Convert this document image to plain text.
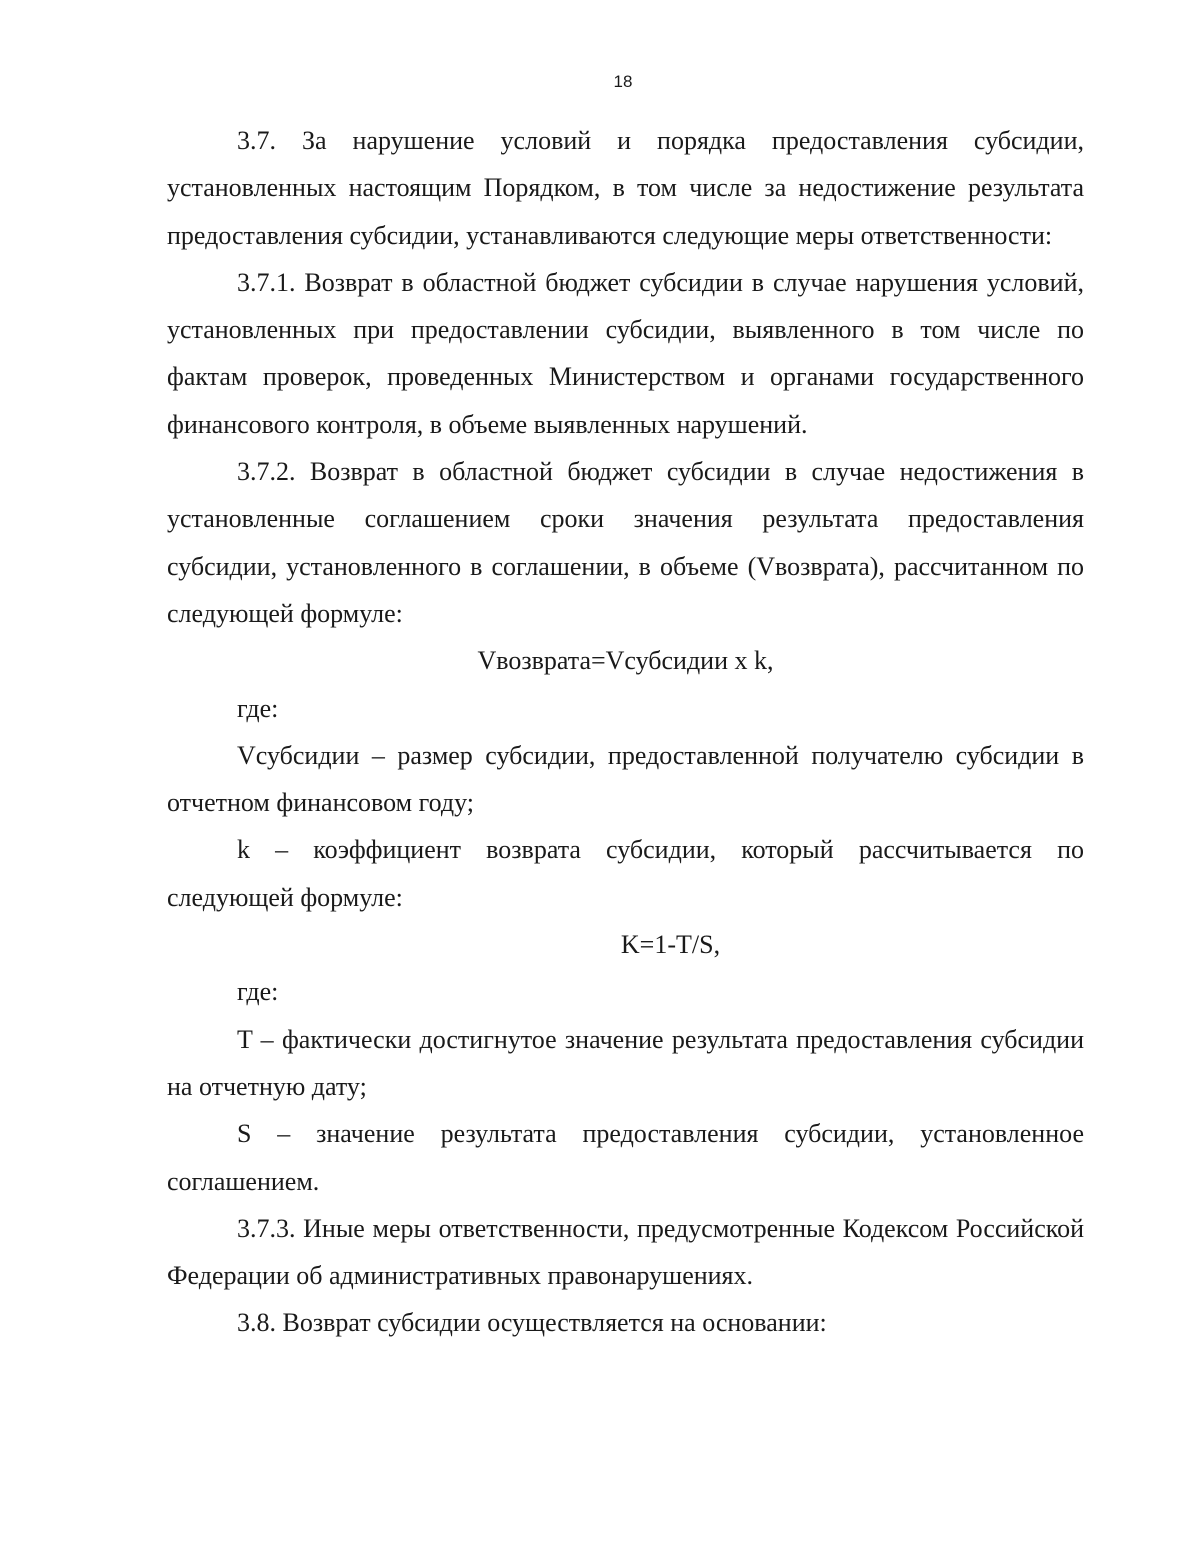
18

3.7. За нарушение условий и порядка предоставления субсидии, установленных настоящим Порядком, в том числе за недостижение результата предоставления субсидии, устанавливаются следующие меры ответственности:

3.7.1. Возврат в областной бюджет субсидии в случае нарушения условий, установленных при предоставлении субсидии, выявленного в том числе по фактам проверок, проведенных Министерством и органами государственного финансового контроля, в объеме выявленных нарушений.

3.7.2. Возврат в областной бюджет субсидии в случае недостижения в установленные соглашением сроки значения результата предоставления субсидии, установленного в соглашении, в объеме (Vвозврата), рассчитанном по следующей формуле:

Vвозврата=Vсубсидии x k,

где:

Vсубсидии – размер субсидии, предоставленной получателю субсидии в отчетном финансовом году;

k – коэффициент возврата субсидии, который рассчитывается по следующей формуле:

K=1-T/S,

где:

T – фактически достигнутое значение результата предоставления субсидии на отчетную дату;

S – значение результата предоставления субсидии, установленное соглашением.

3.7.3. Иные меры ответственности, предусмотренные Кодексом Российской Федерации об административных правонарушениях.

3.8. Возврат субсидии осуществляется на основании:
